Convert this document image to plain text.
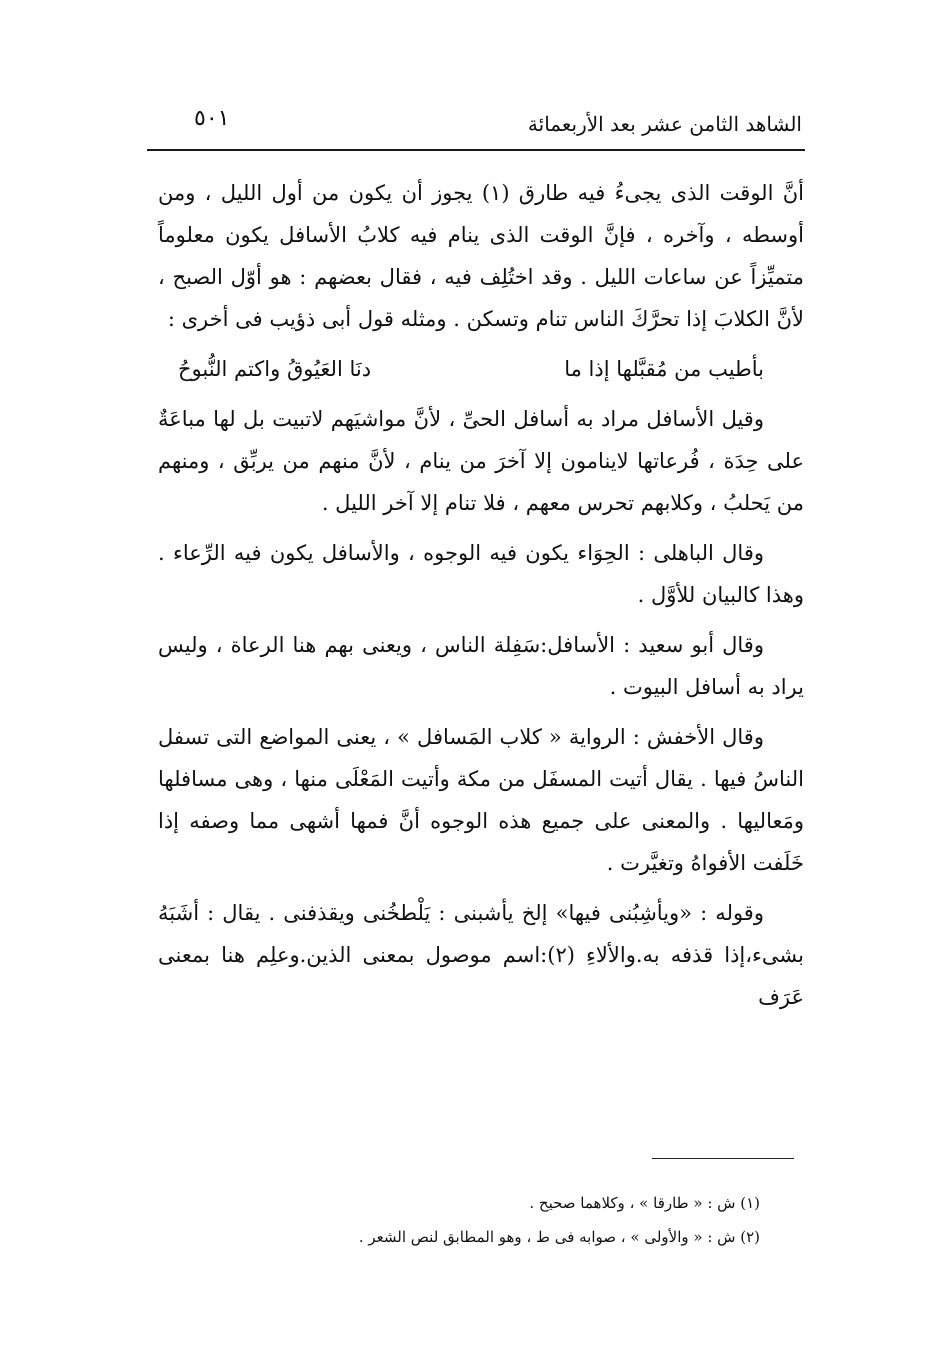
الشاهد الثامن عشر بعد الأربعمائة
٥٠١

أنَّ الوقت الذى يجىءُ فيه طارق (١) يجوز أن يكون من أول الليل ، ومن أوسطه ، وآخره ، فإنَّ الوقت الذى ينام فيه كلابُ الأسافل يكون معلوماً متميِّزاً عن ساعات الليل . وقد اختُلِف فيه ، فقال بعضهم : هو أوّل الصبح ، لأنَّ الكلابَ إذا تحرَّكَ الناس تنام وتسكن . ومثله قول أبى ذؤيب فى أخرى :

بأطيب من مُقبَّلها إذا ما
دنَا العَيُوقُ واكتم النُّبوحُ

وقيل الأسافل مراد به أسافل الحىِّ ، لأنَّ مواشيَهم لاتبيت بل لها مباعَةٌ على حِدَة ، فُرعاتها لاينامون إلا آخرَ من ينام ، لأنَّ منهم من يربِّق ، ومنهم من يَحلبُ ، وكلابهم تحرس معهم ، فلا تنام إلا آخر الليل .

وقال الباهلى : الحِوَاء يكون فيه الوجوه ، والأسافل يكون فيه الرِّعاء . وهذا كالبيان للأوَّل .

وقال أبو سعيد : الأسافل:سَفِلة الناس ، ويعنى بهم هنا الرعاة ، وليس يراد به أسافل البيوت .

وقال الأخفش : الرواية « كلاب المَسافل » ، يعنى المواضع التى تسفل الناسُ فيها . يقال أتيت المسفَل من مكة وأتيت المَعْلَى منها ، وهى مسافلها ومَعاليها . والمعنى على جميع هذه الوجوه أنَّ فمها أشهى مما وصفه إذا خَلَفت الأفواهُ وتغيَّرت .

وقوله : «ويأشِبُنى فيها» إلخ يأشبنى : يَلْطخُنى ويقذفنى . يقال : أشَبَهُ بشىء،إذا قذفه به.والألاءِ (٢):اسم موصول بمعنى الذين.وعلِم هنا بمعنى عَرَف

(١) ش : « طارقا » ، وكلاهما صحيح .

(٢) ش : « والأولى » ، صوابه فى ط ، وهو المطابق لنص الشعر .
